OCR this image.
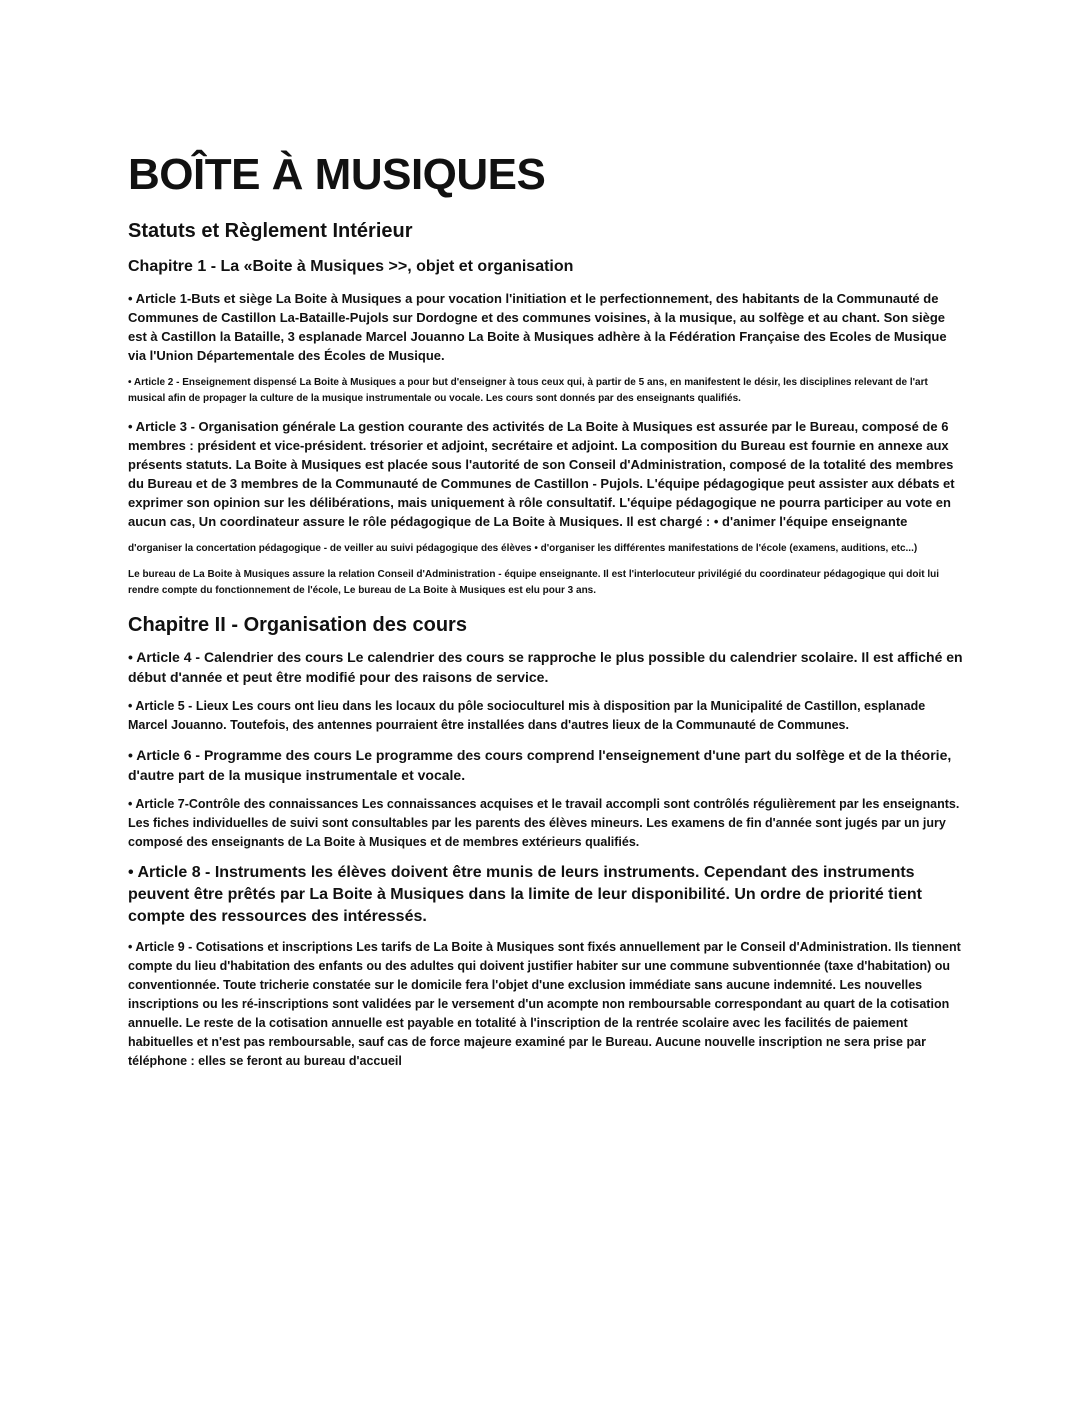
BOÎTE À MUSIQUES
Statuts et Règlement Intérieur
Chapitre 1 - La «Boite à Musiques >>, objet et organisation

• Article 1-Buts et siège La Boite à Musiques a pour vocation l'initiation et le perfectionnement, des habitants de la Communauté de Communes de Castillon La-Bataille-Pujols sur Dordogne et des communes voisines, à la musique, au solfège et au chant. Son siège est à Castillon la Bataille, 3 esplanade Marcel Jouanno La Boite à Musiques adhère à la Fédération Française des Ecoles de Musique via l'Union Départementale des Écoles de Musique.

• Article 2 - Enseignement dispensé La Boite à Musiques a pour but d'enseigner à tous ceux qui, à partir de 5 ans, en manifestent le désir, les disciplines relevant de l'art musical afin de propager la culture de la musique instrumentale ou vocale. Les cours sont donnés par des enseignants qualifiés.

• Article 3 - Organisation générale La gestion courante des activités de La Boite à Musiques est assurée par le Bureau, composé de 6 membres : président et vice-président. trésorier et adjoint, secrétaire et adjoint. La composition du Bureau est fournie en annexe aux présents statuts. La Boite à Musiques est placée sous l'autorité de son Conseil d'Administration, composé de la totalité des membres du Bureau et de 3 membres de la Communauté de Communes de Castillon - Pujols. L'équipe pédagogique peut assister aux débats et exprimer son opinion sur les délibérations, mais uniquement à rôle consultatif. L'équipe pédagogique ne pourra participer au vote en aucun cas, Un coordinateur assure le rôle pédagogique de La Boite à Musiques. Il est chargé : • d'animer l'équipe enseignante

d'organiser la concertation pédagogique - de veiller au suivi pédagogique des élèves • d'organiser les différentes manifestations de l'école (examens, auditions, etc...)

Le bureau de La Boite à Musiques assure la relation Conseil d'Administration - équipe enseignante. Il est l'interlocuteur privilégié du coordinateur pédagogique qui doit lui rendre compte du fonctionnement de l'école, Le bureau de La Boite à Musiques est elu pour 3 ans.

Chapitre II - Organisation des cours

• Article 4 - Calendrier des cours Le calendrier des cours se rapproche le plus possible du calendrier scolaire. Il est affiché en début d'année et peut être modifié pour des raisons de service.

• Article 5 - Lieux Les cours ont lieu dans les locaux du pôle socioculturel mis à disposition par la Municipalité de Castillon, esplanade Marcel Jouanno. Toutefois, des antennes pourraient être installées dans d'autres lieux de la Communauté de Communes.

• Article 6 - Programme des cours Le programme des cours comprend l'enseignement d'une part du solfège et de la théorie, d'autre part de la musique instrumentale et vocale.

• Article 7-Contrôle des connaissances Les connaissances acquises et le travail accompli sont contrôlés régulièrement par les enseignants. Les fiches individuelles de suivi sont consultables par les parents des élèves mineurs. Les examens de fin d'année sont jugés par un jury composé des enseignants de La Boite à Musiques et de membres extérieurs qualifiés.

• Article 8 - Instruments les élèves doivent être munis de leurs instruments. Cependant des instruments peuvent être prêtés par La Boite à Musiques dans la limite de leur disponibilité. Un ordre de priorité tient compte des ressources des intéressés.

• Article 9 - Cotisations et inscriptions Les tarifs de La Boite à Musiques sont fixés annuellement par le Conseil d'Administration. Ils tiennent compte du lieu d'habitation des enfants ou des adultes qui doivent justifier habiter sur une commune subventionnée (taxe d'habitation) ou conventionnée. Toute tricherie constatée sur le domicile fera l'objet d'une exclusion immédiate sans aucune indemnité. Les nouvelles inscriptions ou les ré-inscriptions sont validées par le versement d'un acompte non remboursable correspondant au quart de la cotisation annuelle. Le reste de la cotisation annuelle est payable en totalité à l'inscription de la rentrée scolaire avec les facilités de paiement habituelles et n'est pas remboursable, sauf cas de force majeure examiné par le Bureau. Aucune nouvelle inscription ne sera prise par téléphone : elles se feront au bureau d'accueil
